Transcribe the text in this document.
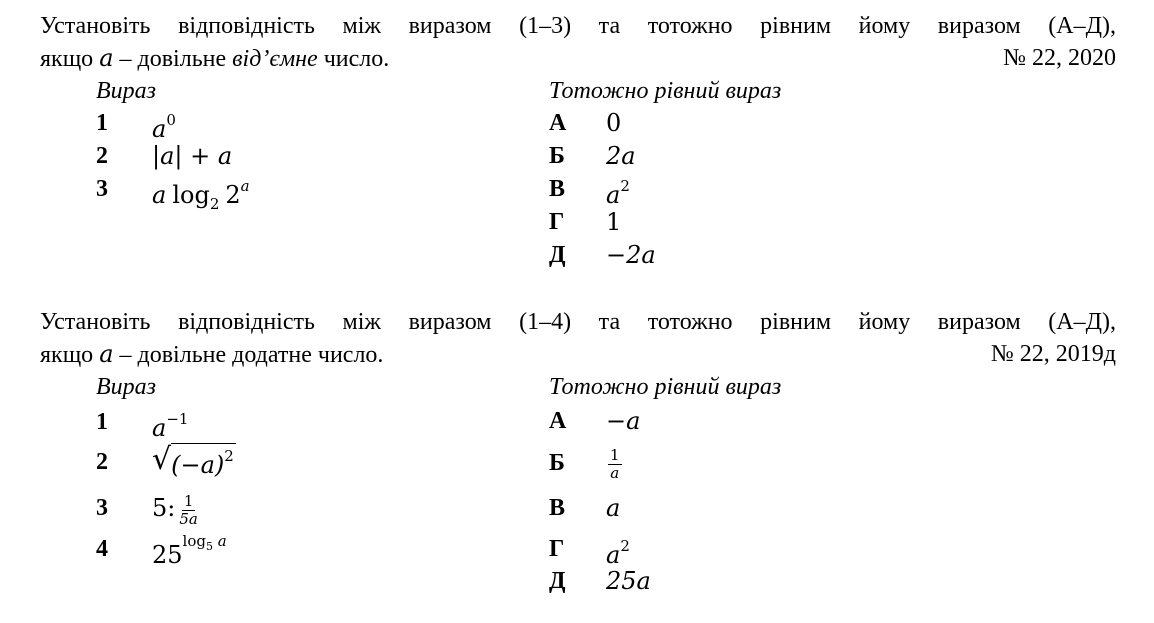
Установіть відповідність між виразом (1–3) та тотожно рівним йому виразом (А–Д),
якщо a – довільне від’ємне число.	№ 22, 2020
Вираз
1	$a^0$
2	|a| + a
3	a $\log_2 2^a$
Тотожно рівний вираз
А	0
Б	2a
В	$a^2$
Г	1
Д	−2a
Установіть відповідність між виразом (1–4) та тотожно рівним йому виразом (А–Д),
якщо a – довільне додатне число.	№ 22, 2019д
Вираз
1	$a^{-1}$
2	√ $(-a)^2$
3	5: $\frac{1}{5a}$
4	$25^{log_5 a}$
Тотожно рівний вираз
А	−a
Б	$\frac{1}{a}$
В	a
Г	$a^2$
Д	25a
